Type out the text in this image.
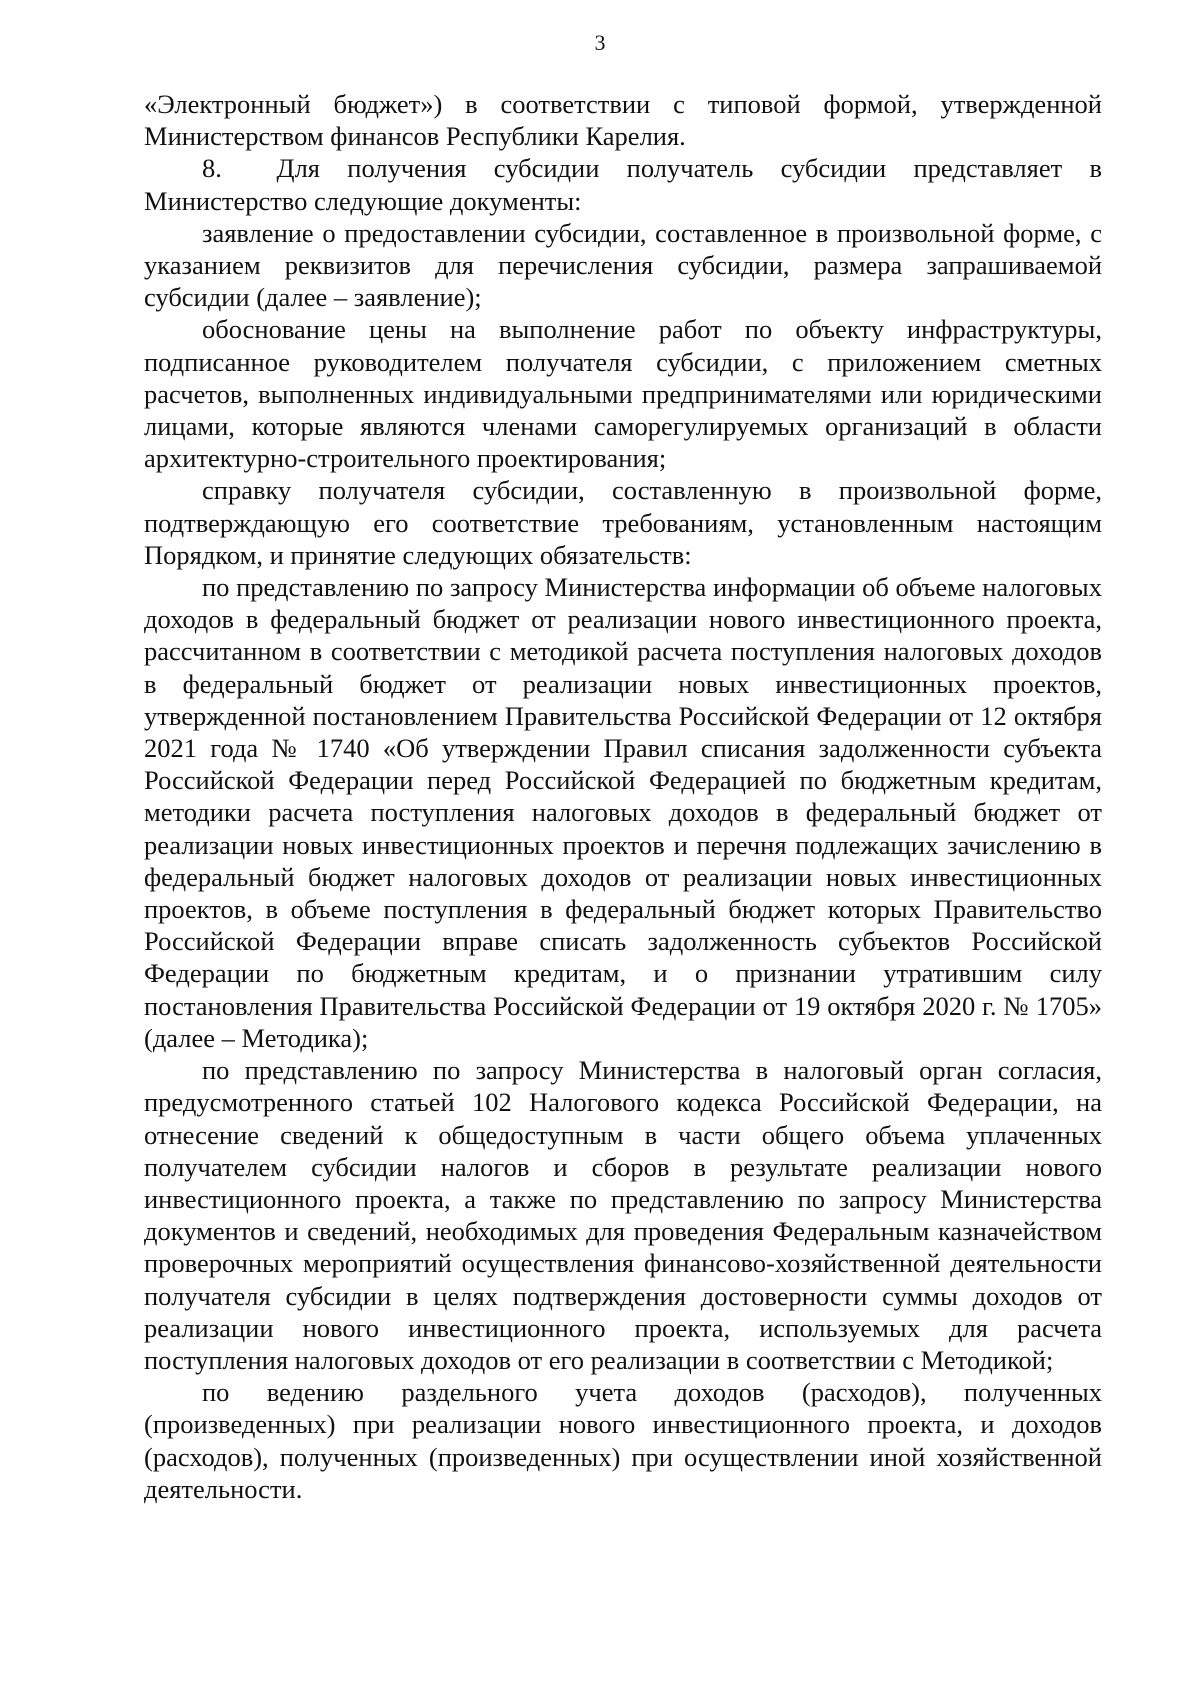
3

«Электронный бюджет») в соответствии с типовой формой, утвержденной Министерством финансов Республики Карелия.

8.  Для получения субсидии получатель субсидии представляет в Министерство следующие документы:

заявление о предоставлении субсидии, составленное в произвольной форме, с указанием реквизитов для перечисления субсидии, размера запрашиваемой субсидии (далее – заявление);

обоснование цены на выполнение работ по объекту инфраструктуры, подписанное руководителем получателя субсидии, с приложением сметных расчетов, выполненных индивидуальными предпринимателями или юридическими лицами, которые являются членами саморегулируемых организаций в области архитектурно-строительного проектирования;

справку получателя субсидии, составленную в произвольной форме, подтверждающую его соответствие требованиям, установленным настоящим Порядком, и принятие следующих обязательств:

по представлению по запросу Министерства информации об объеме налоговых доходов в федеральный бюджет от реализации нового инвестиционного проекта, рассчитанном в соответствии с методикой расчета поступления налоговых доходов в федеральный бюджет от реализации новых инвестиционных проектов, утвержденной постановлением Правительства Российской Федерации от 12 октября 2021 года № 1740 «Об утверждении Правил списания задолженности субъекта Российской Федерации перед Российской Федерацией по бюджетным кредитам, методики расчета поступления налоговых доходов в федеральный бюджет от реализации новых инвестиционных проектов и перечня подлежащих зачислению в федеральный бюджет налоговых доходов от реализации новых инвестиционных проектов, в объеме поступления в федеральный бюджет которых Правительство Российской Федерации вправе списать задолженность субъектов Российской Федерации по бюджетным кредитам, и о признании утратившим силу постановления Правительства Российской Федерации от 19 октября 2020 г. № 1705» (далее – Методика);

по представлению по запросу Министерства в налоговый орган согласия, предусмотренного статьей 102 Налогового кодекса Российской Федерации, на отнесение сведений к общедоступным в части общего объема уплаченных получателем субсидии налогов и сборов в результате реализации нового инвестиционного проекта, а также по представлению по запросу Министерства документов и сведений, необходимых для проведения Федеральным казначейством проверочных мероприятий осуществления финансово-хозяйственной деятельности получателя субсидии в целях подтверждения достоверности суммы доходов от реализации нового инвестиционного проекта, используемых для расчета поступления налоговых доходов от его реализации в соответствии с Методикой;

по ведению раздельного учета доходов (расходов), полученных (произведенных) при реализации нового инвестиционного проекта, и доходов (расходов), полученных (произведенных) при осуществлении иной хозяйственной деятельности.
